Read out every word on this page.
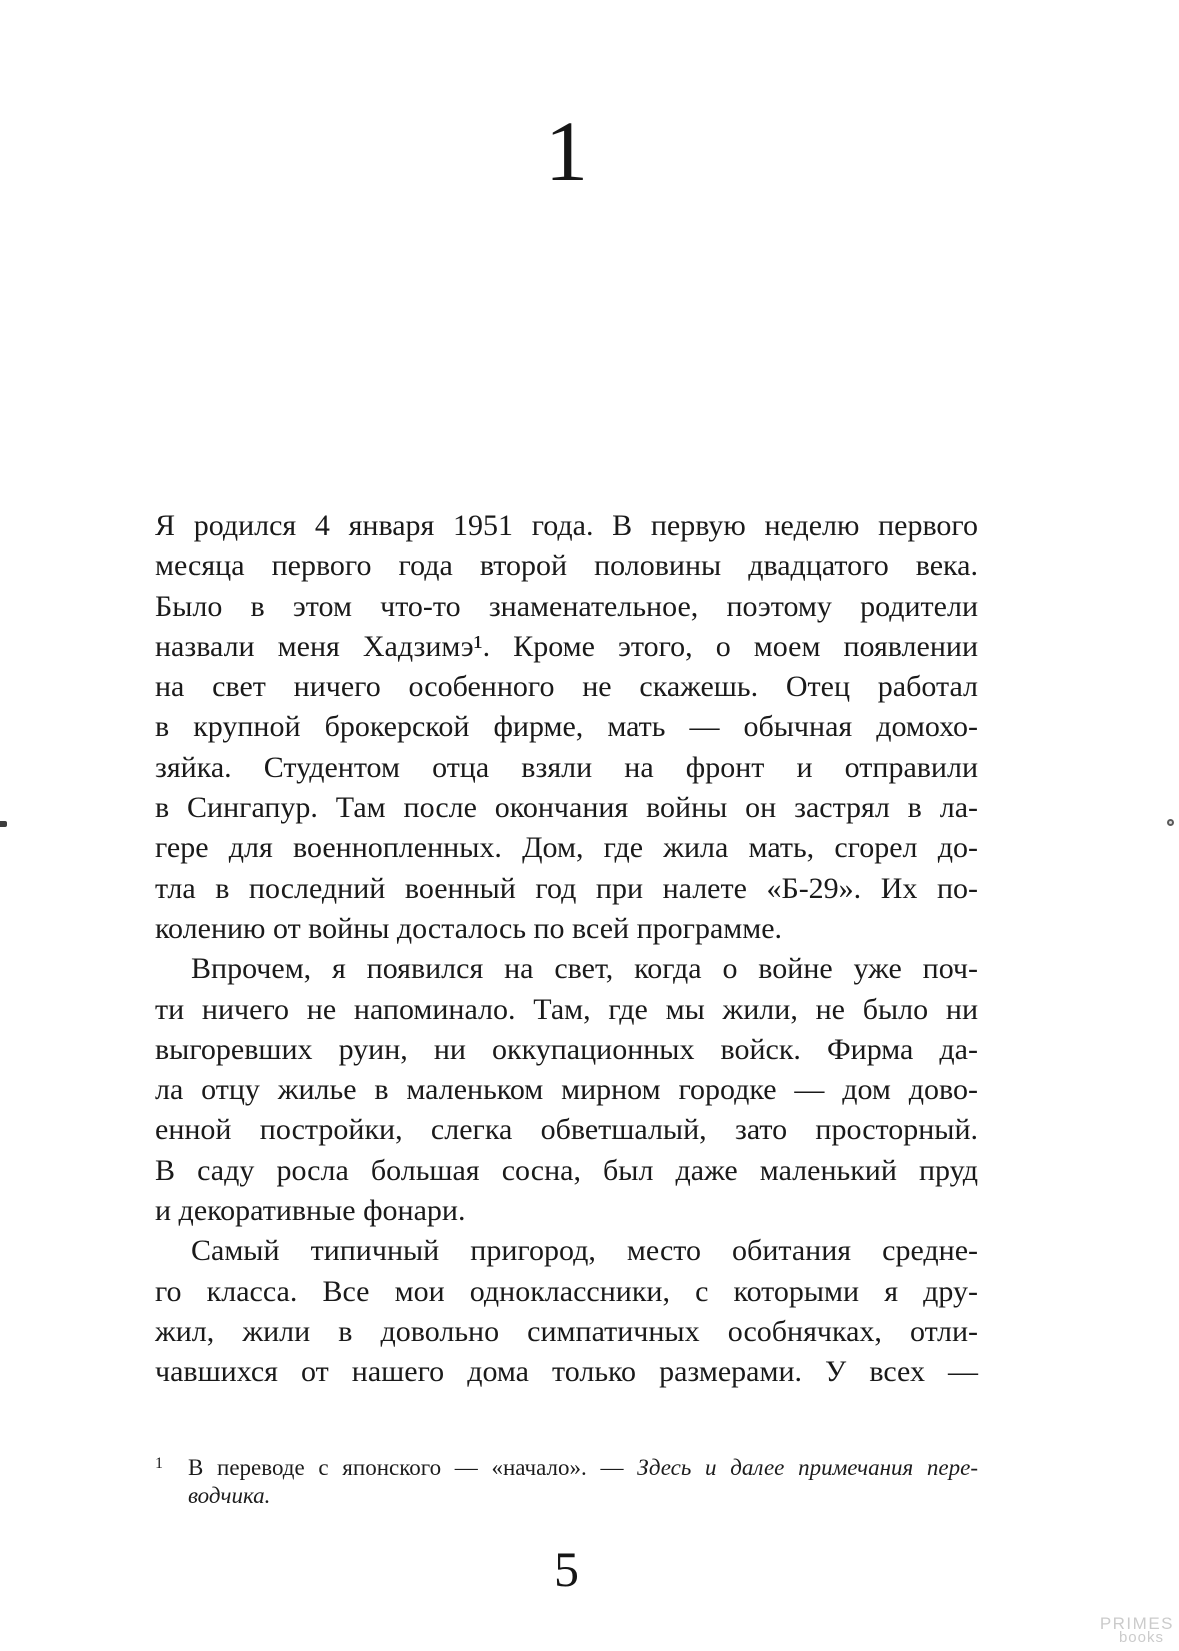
1
Я родился 4 января 1951 года. В первую неделю первого
месяца первого года второй половины двадцатого века.
Было в этом что-то знаменательное, поэтому родители
назвали меня Хадзимэ¹. Кроме этого, о моем появлении
на свет ничего особенного не скажешь. Отец работал
в крупной брокерской фирме, мать — обычная домохо-
зяйка. Студентом отца взяли на фронт и отправили
в Сингапур. Там после окончания войны он застрял в ла-
гере для военнопленных. Дом, где жила мать, сгорел до-
тла в последний военный год при налете «Б-29». Их по-
колению от войны досталось по всей программе.
Впрочем, я появился на свет, когда о войне уже поч-
ти ничего не напоминало. Там, где мы жили, не было ни
выгоревших руин, ни оккупационных войск. Фирма да-
ла отцу жилье в маленьком мирном городке — дом дово-
енной постройки, слегка обветшалый, зато просторный.
В саду росла большая сосна, был даже маленький пруд
и декоративные фонари.
Самый типичный пригород, место обитания средне-
го класса. Все мои одноклассники, с которыми я дру-
жил, жили в довольно симпатичных особнячках, отли-
чавшихся от нашего дома только размерами. У всех —
1 В переводе с японского — «начало». — Здесь и далее примечания пере-
водчика.
5
PRIMES
books
